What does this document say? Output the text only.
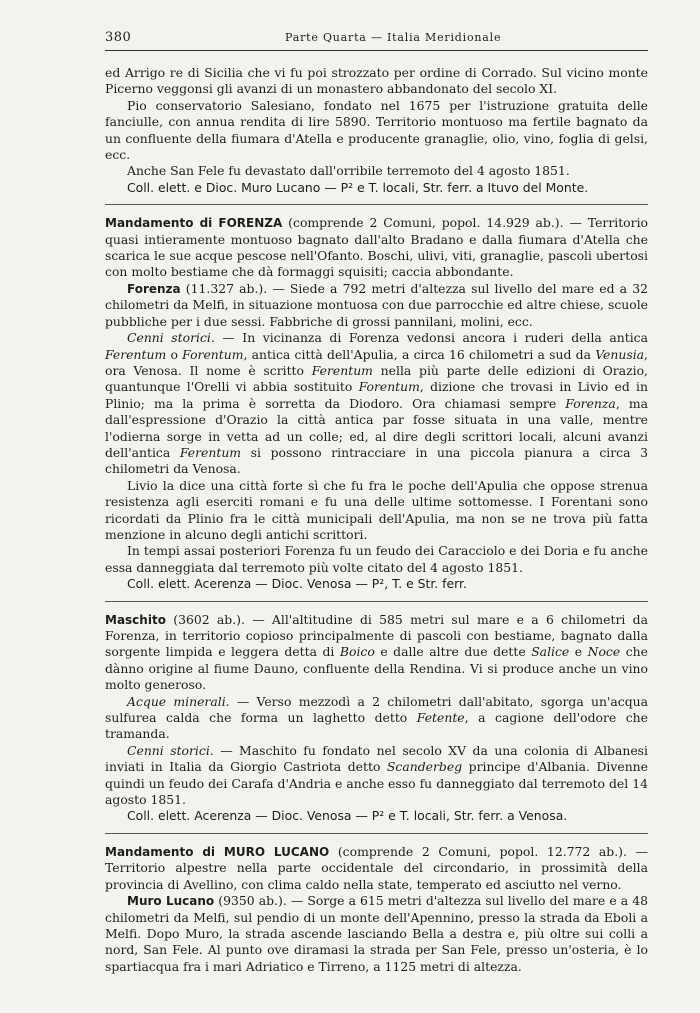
380	Parte Quarta — Italia Meridionale

ed Arrigo re di Sicilia che vi fu poi strozzato per ordine di Corrado. Sul vicino monte Picerno veggonsi gli avanzi di un monastero abbandonato del secolo XI.

Pio conservatorio Salesiano, fondato nel 1675 per l'istruzione gratuita delle fanciulle, con annua rendita di lire 5890. Territorio montuoso ma fertile bagnato da un confluente della fiumara d'Atella e producente granaglie, olio, vino, foglia di gelsi, ecc.

Anche San Fele fu devastato dall'orribile terremoto del 4 agosto 1851.

Coll. elett. e Dioc. Muro Lucano — P² e T. locali, Str. ferr. a Ituvo del Monte.

Mandamento di FORENZA (comprende 2 Comuni, popol. 14.929 ab.). — Territorio quasi intieramente montuoso bagnato dall'alto Bradano e dalla fiumara d'Atella che scarica le sue acque pescose nell'Ofanto. Boschi, ulivi, viti, granaglie, pascoli ubertosi con molto bestiame che dà formaggi squisiti; caccia abbondante.

Forenza (11.327 ab.). — Siede a 792 metri d'altezza sul livello del mare ed a 32 chilometri da Melfi, in situazione montuosa con due parrocchie ed altre chiese, scuole pubbliche per i due sessi. Fabbriche di grossi pannilani, molini, ecc.

Cenni storici. — In vicinanza di Forenza vedonsi ancora i ruderi della antica Ferentum o Forentum, antica città dell'Apulia, a circa 16 chilometri a sud da Venusia, ora Venosa. Il nome è scritto Ferentum nella più parte delle edizioni di Orazio, quantunque l'Orelli vi abbia sostituito Forentum, dizione che trovasi in Livio ed in Plinio; ma la prima è sorretta da Diodoro. Ora chiamasi sempre Forenza, ma dall'espressione d'Orazio la città antica par fosse situata in una valle, mentre l'odierna sorge in vetta ad un colle; ed, al dire degli scrittori locali, alcuni avanzi dell'antica Ferentum si possono rintracciare in una piccola pianura a circa 3 chilometri da Venosa.

Livio la dice una città forte sì che fu fra le poche dell'Apulia che oppose strenua resistenza agli eserciti romani e fu una delle ultime sottomesse. I Forentani sono ricordati da Plinio fra le città municipali dell'Apulia, ma non se ne trova più fatta menzione in alcuno degli antichi scrittori.

In tempi assai posteriori Forenza fu un feudo dei Caracciolo e dei Doria e fu anche essa danneggiata dal terremoto più volte citato del 4 agosto 1851.

Coll. elett. Acerenza — Dioc. Venosa — P², T. e Str. ferr.

Maschito (3602 ab.). — All'altitudine di 585 metri sul mare e a 6 chilometri da Forenza, in territorio copioso principalmente di pascoli con bestiame, bagnato dalla sorgente limpida e leggera detta di Boico e dalle altre due dette Salice e Noce che dànno origine al fiume Dauno, confluente della Rendina. Vi si produce anche un vino molto generoso.

Acque minerali. — Verso mezzodì a 2 chilometri dall'abitato, sgorga un'acqua sulfurea calda che forma un laghetto detto Fetente, a cagione dell'odore che tramanda.

Cenni storici. — Maschito fu fondato nel secolo XV da una colonia di Albanesi inviati in Italia da Giorgio Castriota detto Scanderbeg principe d'Albania. Divenne quindi un feudo dei Carafa d'Andria e anche esso fu danneggiato dal terremoto del 14 agosto 1851.

Coll. elett. Acerenza — Dioc. Venosa — P² e T. locali, Str. ferr. a Venosa.

Mandamento di MURO LUCANO (comprende 2 Comuni, popol. 12.772 ab.). — Territorio alpestre nella parte occidentale del circondario, in prossimità della provincia di Avellino, con clima caldo nella state, temperato ed asciutto nel verno.

Muro Lucano (9350 ab.). — Sorge a 615 metri d'altezza sul livello del mare e a 48 chilometri da Melfi, sul pendio di un monte dell'Apennino, presso la strada da Eboli a Melfi. Dopo Muro, la strada ascende lasciando Bella a destra e, più oltre sui colli a nord, San Fele. Al punto ove diramasi la strada per San Fele, presso un'osteria, è lo spartiacqua fra i mari Adriatico e Tirreno, a 1125 metri di altezza.
